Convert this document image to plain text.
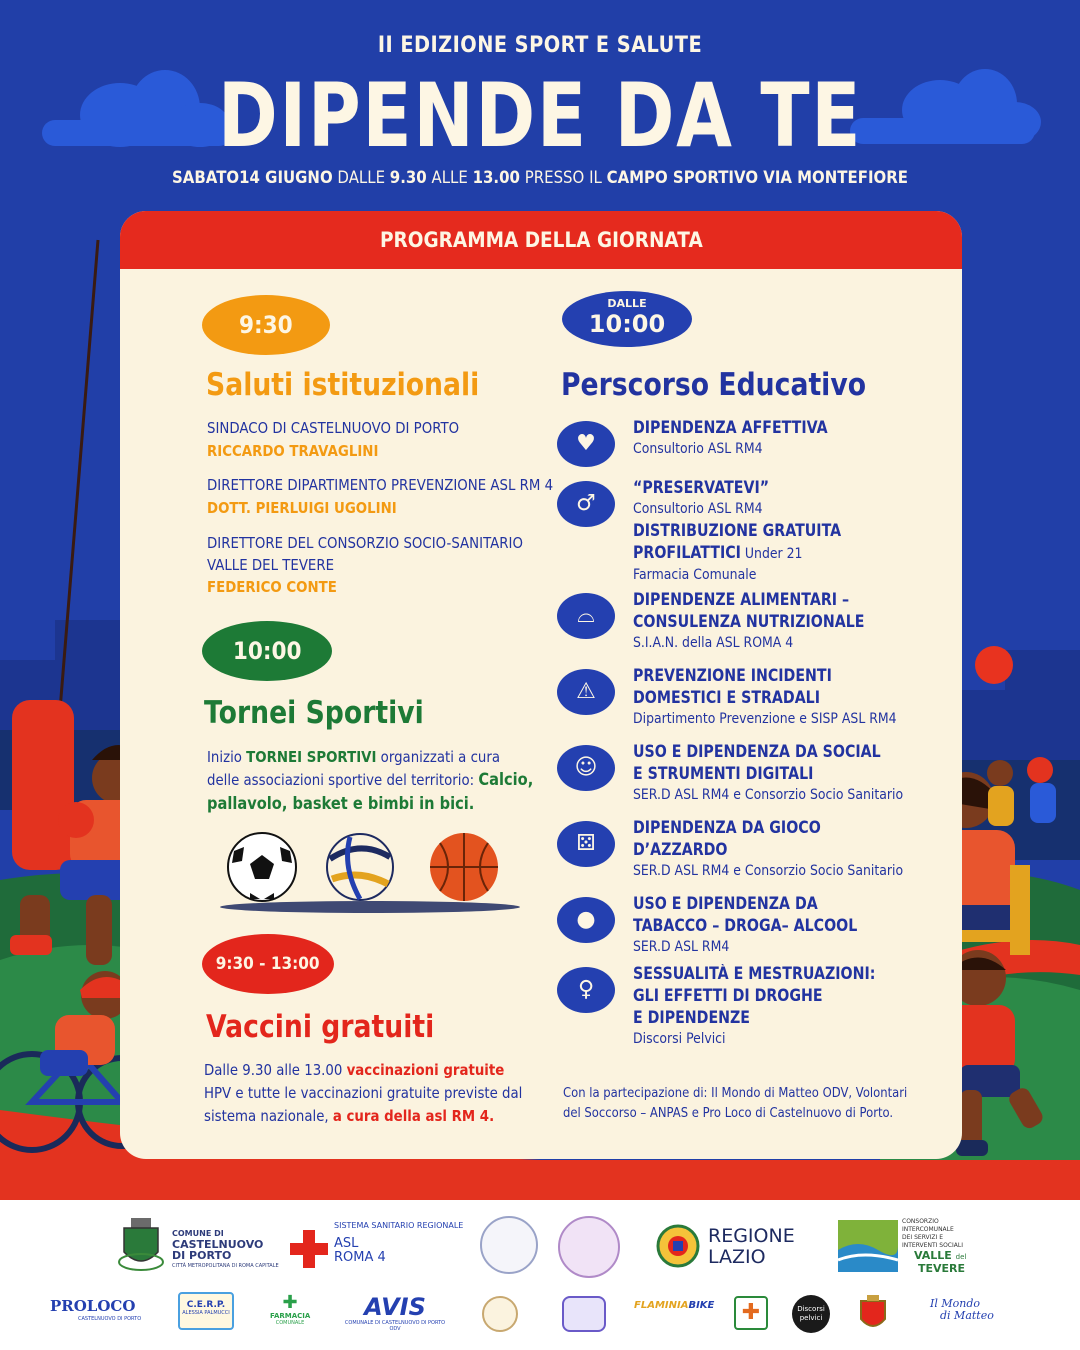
II EDIZIONE SPORT E SALUTE
DIPENDE DA TE
SABATO14 GIUGNO DALLE 9.30 ALLE 13.00 PRESSO IL CAMPO SPORTIVO VIA MONTEFIORE
PROGRAMMA DELLA GIORNATA
9:30
Saluti istituzionali
SINDACO DI CASTELNUOVO DI PORTO
RICCARDO TRAVAGLINI
DIRETTORE DIPARTIMENTO PREVENZIONE ASL RM 4
DOTT. PIERLUIGI UGOLINI
DIRETTORE DEL CONSORZIO SOCIO-SANITARIO
VALLE DEL TEVERE
FEDERICO CONTE
10:00
Tornei Sportivi
Inizio TORNEI SPORTIVI organizzati a cura
delle associazioni sportive del territorio: Calcio,
pallavolo, basket e bimbi in bici.
9:30 - 13:00
Vaccini gratuiti
Dalle 9.30 alle 13.00 vaccinazioni gratuite
HPV e tutte le vaccinazioni gratuite previste dal
sistema nazionale, a cura della asl RM 4.
DALLE
10:00
Perscorso Educativo
♥
DIPENDENZA AFFETTIVA
Consultorio ASL RM4
♂
“PRESERVATEVI”
Consultorio ASL RM4
DISTRIBUZIONE GRATUITA
PROFILATTICI Under 21
Farmacia Comunale
⌓
DIPENDENZE ALIMENTARI –
CONSULENZA NUTRIZIONALE
S.I.A.N. della ASL ROMA 4
⚠
PREVENZIONE INCIDENTI
DOMESTICI E STRADALI
Dipartimento Prevenzione e SISP ASL RM4
☺
USO E DIPENDENZA DA SOCIAL
E STRUMENTI DIGITALI
SER.D ASL RM4 e Consorzio Socio Sanitario
⚄
DIPENDENZA DA GIOCO
D’AZZARDO
SER.D ASL RM4 e Consorzio Socio Sanitario
●
USO E DIPENDENZA DA
TABACCO – DROGA– ALCOOL
SER.D ASL RM4
♀
SESSUALITÀ E MESTRUAZIONI:
GLI EFFETTI DI DROGHE
E DIPENDENZE
Discorsi Pelvici
Con la partecipazione di: Il Mondo di Matteo ODV, Volontari
del Soccorso – ANPAS e Pro Loco di Castelnuovo di Porto.
COMUNE DI
CASTELNUOVO
DI PORTO
CITTÀ METROPOLITANA DI ROMA CAPITALE
SISTEMA SANITARIO REGIONALE
ASL
ROMA 4
REGIONE
LAZIO
CONSORZIO
INTERCOMUNALE
DEI SERVIZI E
INTERVENTI SOCIALI
VALLE del
TEVERE
PROLOCO
CASTELNUOVO DI PORTO
C.E.R.P.
ALESSIA PALMUCCI	✚
FARMACIA
COMUNALE
AVIS
COMUNALE DI CASTELNUOVO DI PORTO ODV
FLAMINIABIKE	✚	Discorsi
pelvici
Il Mondo
di Matteo
